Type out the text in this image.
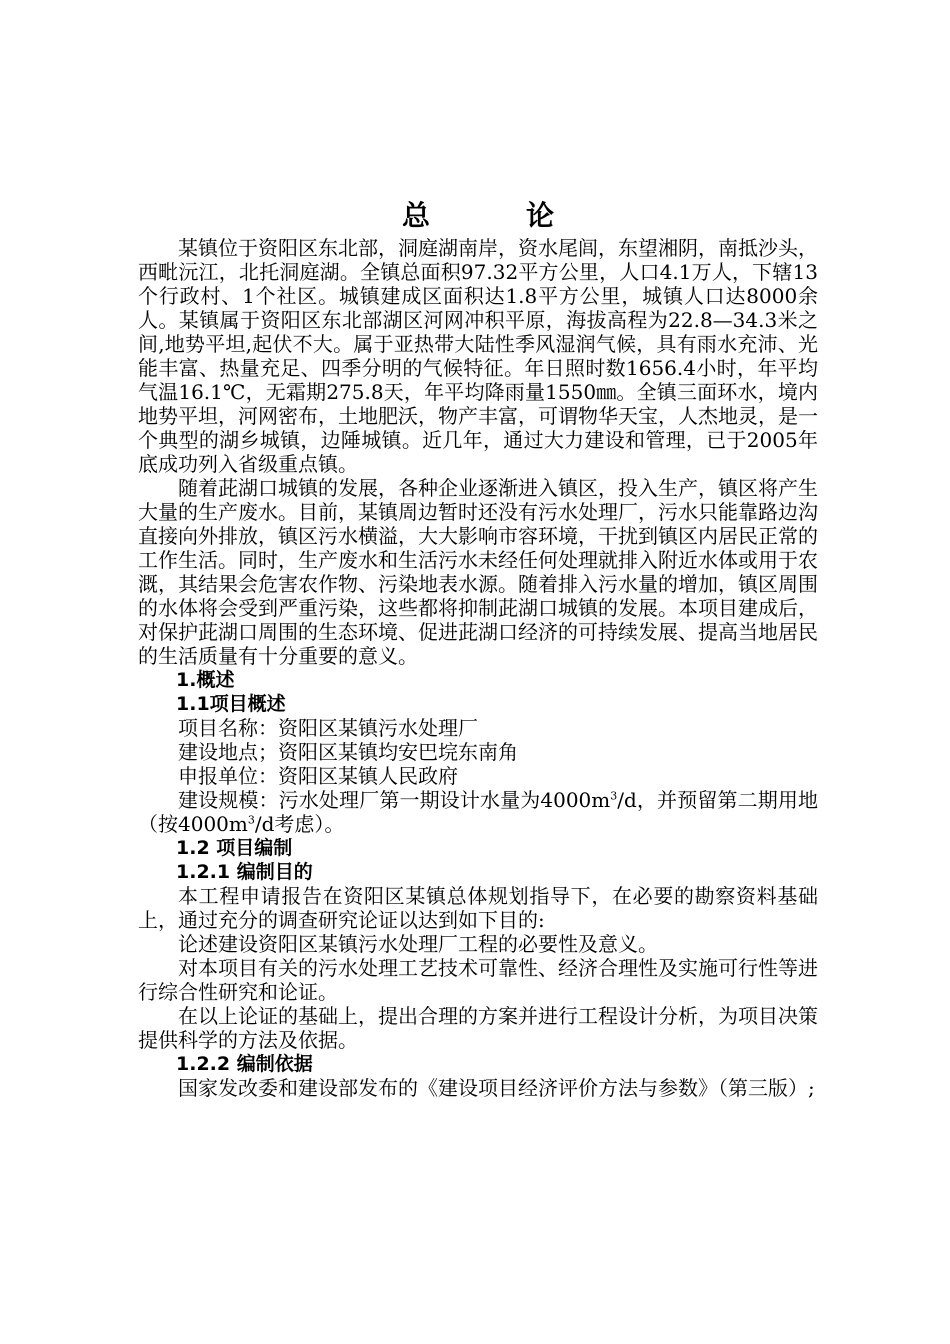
总论

某镇位于资阳区东北部，洞庭湖南岸，资水尾闾，东望湘阴，南抵沙头，西毗沅江，北托洞庭湖。全镇总面积97.32平方公里，人口4.1万人，下辖13个行政村、1个社区。城镇建成区面积达1.8平方公里，城镇人口达8000余人。某镇属于资阳区东北部湖区河网冲积平原，海拔高程为22.8—34.3米之间,地势平坦,起伏不大。属于亚热带大陆性季风湿润气候，具有雨水充沛、光能丰富、热量充足、四季分明的气候特征。年日照时数1656.4小时，年平均气温16.1℃，无霜期275.8天，年平均降雨量1550㎜。全镇三面环水，境内地势平坦，河网密布，土地肥沃，物产丰富，可谓物华天宝，人杰地灵，是一个典型的湖乡城镇，边陲城镇。近几年，通过大力建设和管理，已于2005年底成功列入省级重点镇。

随着茈湖口城镇的发展，各种企业逐渐进入镇区，投入生产，镇区将产生大量的生产废水。目前，某镇周边暂时还没有污水处理厂，污水只能靠路边沟直接向外排放，镇区污水横溢，大大影响市容环境，干扰到镇区内居民正常的工作生活。同时，生产废水和生活污水未经任何处理就排入附近水体或用于农溉，其结果会危害农作物、污染地表水源。随着排入污水量的增加，镇区周围的水体将会受到严重污染，这些都将抑制茈湖口城镇的发展。本项目建成后，对保护茈湖口周围的生态环境、促进茈湖口经济的可持续发展、提高当地居民的生活质量有十分重要的意义。

1.概述

1.1项目概述

项目名称：资阳区某镇污水处理厂

建设地点；资阳区某镇均安巴垸东南角

申报单位：资阳区某镇人民政府

建设规模：污水处理厂第一期设计水量为$4000m^3/d$，并预留第二期用地（按$4000m^3/d$考虑）。

1.2 项目编制

1.2.1 编制目的

本工程申请报告在资阳区某镇总体规划指导下，在必要的勘察资料基础上，通过充分的调查研究论证以达到如下目的:

论述建设资阳区某镇污水处理厂工程的必要性及意义。

对本项目有关的污水处理工艺技术可靠性、经济合理性及实施可行性等进行综合性研究和论证。

在以上论证的基础上，提出合理的方案并进行工程设计分析，为项目决策提供科学的方法及依据。

1.2.2 编制依据

国家发改委和建设部发布的《建设项目经济评价方法与参数》（第三版）;
